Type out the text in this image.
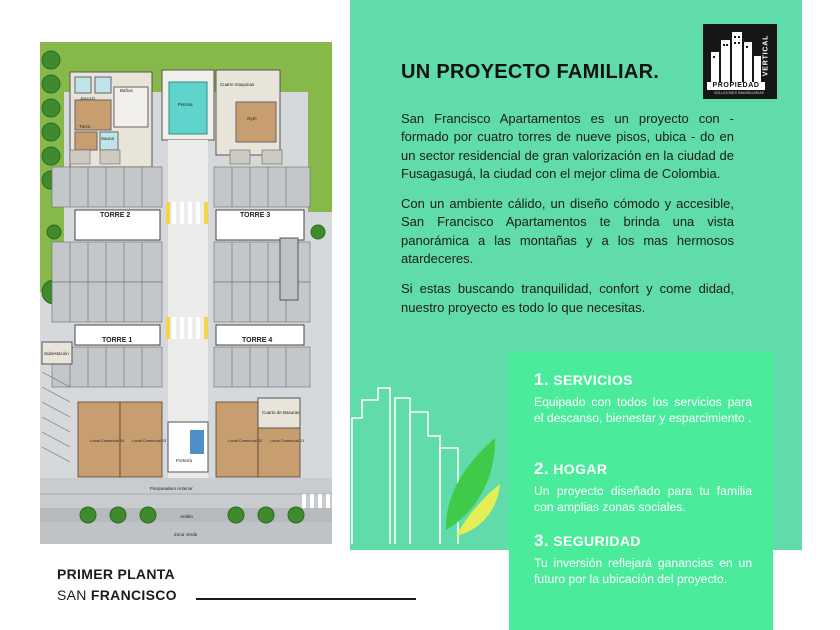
Jacuzzi
Baños
Turco
Sauna
Piscina
Cuarto maquinas
Gym
TORRE 2	TORRE 3
TORRE 1	TORRE 4
Subestación
Cuarto de Basuras
Local Comercial 04 Local Comercial 03	Local Comercial 02 Local Comercial 01
Portería
Parqueadero Anterior
Andén
Zona Verde
PRIMER PLANTA
SAN FRANCISCO
UN PROYECTO FAMILIAR.
PROPIEDAD
VERTICAL
SOLUCIONES INMOBILIARIAS

San Francisco Apartamentos es un proyecto con - formado por cuatro torres de nueve pisos, ubica - do en un sector residencial de gran valorización en la ciudad de Fusagasugá, la ciudad con el mejor clima de Colombia.

Con un ambiente cálido, un diseño cómodo y accesible, San Francisco Apartamentos te brinda una vista panorámica a las montañas y a los mas hermosos atardeceres.

Si estas buscando tranquilidad, confort y come didad, nuestro proyecto es todo lo que necesitas.

1. SERVICIOS
Equipado con todos los servicios para el descanso, bienestar y esparcimiento .
2. HOGAR
Un proyecto diseñado para tu familia con amplias zonas sociales.
3. SEGURIDAD
Tu inversión reflejará ganancias en un futuro por la ubicación del proyecto.
